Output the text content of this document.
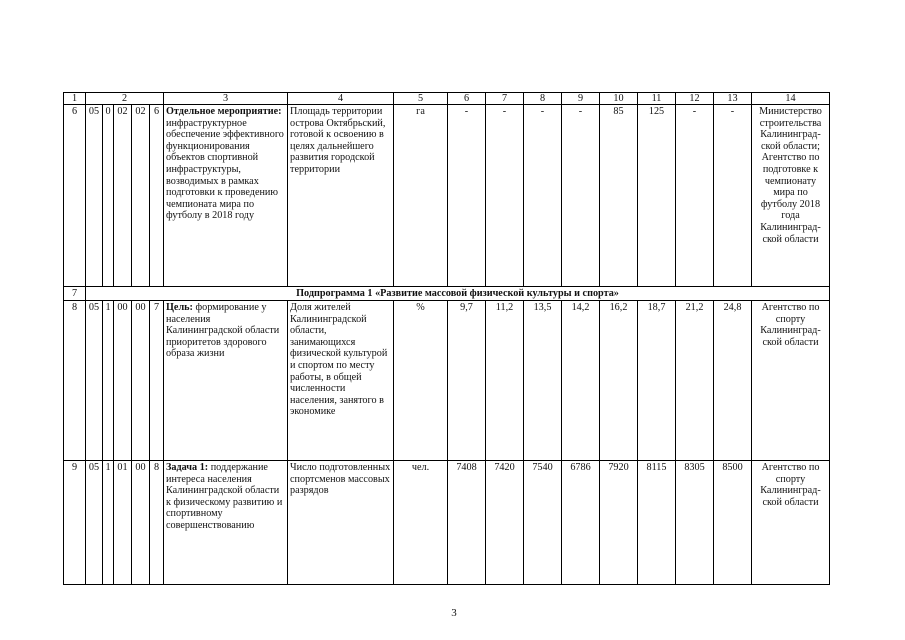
1	2					3	4	5	6	7	8	9	10	11	12	13	14
6	05	0	02	02	6	Отдельное мероприятие: инфраструктурное обеспечение эффективного функционирования объектов спортивной инфраструктуры, возводимых в рамках подготовки к проведению чемпионата мира по футболу в 2018 году	Площадь территории острова Октябрьский, готовой к освоению в целях дальнейшего развития городской территории	га	-	-	-	-	85	125	-	-	Министерство строительства Калининград-ской области; Агентство по подготовке к чемпионату мира по футболу 2018 года Калининград-ской области
7	Подпрограмма 1 «Развитие массовой физической культуры и спорта»																
8	05	1	00	00	7	Цель: формирование у населения Калининградской области приоритетов здорового образа жизни	Доля жителей Калининградской области, занимающихся физической культурой и спортом по месту работы, в общей численности населения, занятого в экономике	%	9,7	11,2	13,5	14,2	16,2	18,7	21,2	24,8	Агентство по спорту Калининград-ской области
9	05	1	01	00	8	Задача 1: поддержание интереса населения Калининградской области к физическому развитию и спортивному совершенствованию	Число подготовленных спортсменов массовых разрядов	чел.	7408	7420	7540	6786	7920	8115	8305	8500	Агентство по спорту Калининград-ской области
3
